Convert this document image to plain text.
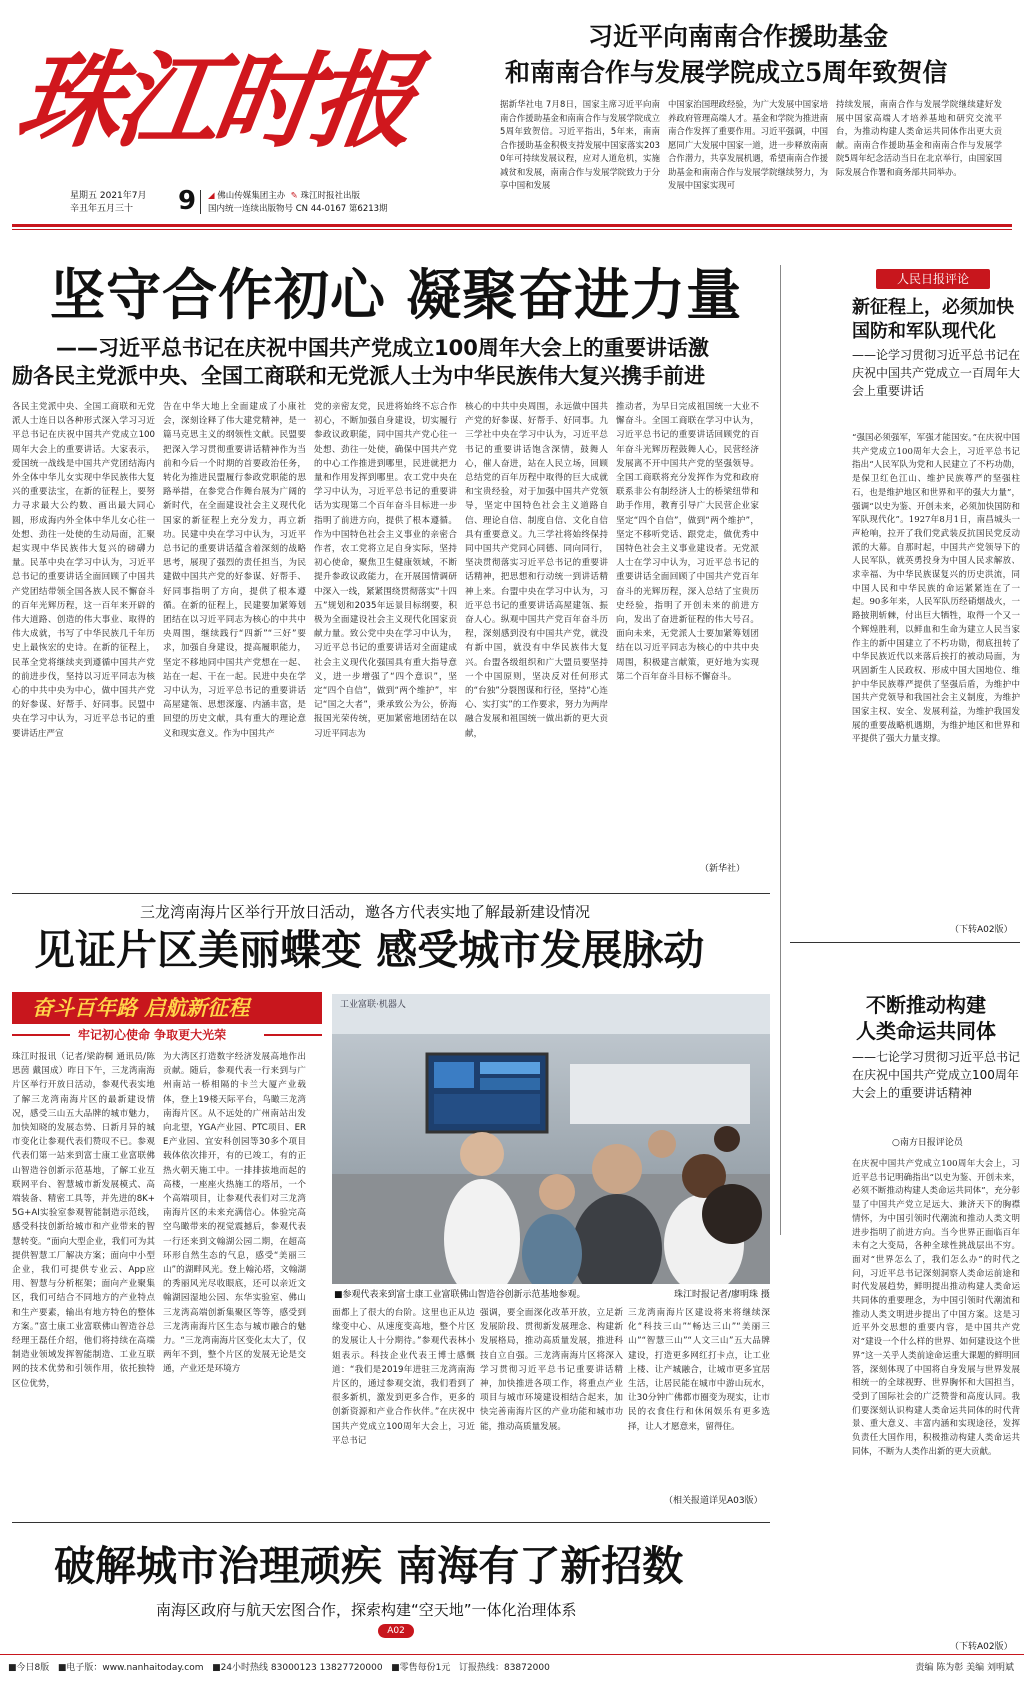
珠江时报
星期五 2021年7月
辛丑年五月三十	9 ◢ 佛山传媒集团主办 ✎ 珠江时报社出版
国内统一连续出版物号 CN 44-0167 第6213期
习近平向南南合作援助基金
和南南合作与发展学院成立5周年致贺信
据新华社电 7月8日，国家主席习近平向南南合作援助基金和南南合作与发展学院成立5周年致贺信。习近平指出，5年来，南南合作援助基金积极支持发展中国家落实2030年可持续发展议程，应对人道危机，实施减贫和发展，南南合作与发展学院致力于分享中国和发展
中国家治国理政经验，为广大发展中国家培养政府管理高端人才。基金和学院为推进南南合作发挥了重要作用。习近平强调，中国愿同广大发展中国家一道，进一步释放南南合作潜力，共享发展机遇，希望南南合作援助基金和南南合作与发展学院继续努力，为发展中国家实现可
持续发展，南南合作与发展学院继续建好发展中国家高端人才培养基地和研究交流平台，为推动构建人类命运共同体作出更大贡献。南南合作援助基金和南南合作与发展学院5周年纪念活动当日在北京举行，由国家国际发展合作署和商务部共同举办。
坚守合作初心 凝聚奋进力量
——习近平总书记在庆祝中国共产党成立100周年大会上的重要讲话激
励各民主党派中央、全国工商联和无党派人士为中华民族伟大复兴携手前进
各民主党派中央、全国工商联和无党派人士连日以各种形式深入学习习近平总书记在庆祝中国共产党成立100周年大会上的重要讲话。大家表示，爱国统一战线是中国共产党团结海内外全体中华儿女实现中华民族伟大复兴的重要法宝，在新的征程上，要努力寻求最大公约数、画出最大同心圆，形成海内外全体中华儿女心往一处想、劲往一处使的生动局面，汇聚起实现中华民族伟大复兴的磅礴力量。民革中央在学习中认为，习近平总书记的重要讲话全面回顾了中国共产党团结带领全国各族人民不懈奋斗的百年光辉历程，这一百年来开辟的伟大道路、创造的伟大事业、取得的伟大成就，书写了中华民族几千年历史上最恢宏的史诗。在新的征程上，民革全党将继续夹到遵循中国共产党的前进步伐，坚持以习近平同志为核心的中共中央为中心，做中国共产党的好参谋、好帮手、好同事。民盟中央在学习中认为，习近平总书记的重要讲话庄严宣
告在中华大地上全面建成了小康社会，深刻诠释了伟大建党精神，是一篇马克思主义的纲领性文献。民盟要把深入学习贯彻重要讲话精神作为当前和今后一个时期的首要政治任务，转化为推进民盟履行参政党职能的思路举措，在参党合作舞台展为广阔的新时代，在全面建设社会主义现代化国家的新征程上充分发力，再立新功。民建中央在学习中认为，习近平总书记的重要讲话蕴含着深刻的战略思考，展现了强烈的责任担当，为民建做中国共产党的好参谋、好帮手、好同事指明了方向，提供了根本遵循。在新的征程上，民建要加紧筹划团结在以习近平同志为核心的中共中央周围，继续践行“四新”“三好”要求，加强自身建设，提高履职能力，坚定不移地同中国共产党想在一起、站在一起、干在一起。民进中央在学习中认为，习近平总书记的重要讲话高屋建瓴、思想深邃、内涵丰富，是回望的历史文献，具有重大的理论意义和现实意义。作为中国共产
党的亲密友党，民进将始终不忘合作初心，不断加强自身建设，切实履行参政议政职能，同中国共产党心往一处想、劲往一处使，确保中国共产党的中心工作推进到哪里，民进就把力量和作用发挥到哪里。农工党中央在学习中认为，习近平总书记的重要讲话为实现第二个百年奋斗目标进一步指明了前进方向，提供了根本遵循。作为中国特色社会主义事业的亲密合作者，农工党将立足自身实际，坚持初心使命，聚焦卫生健康领域，不断提升参政议政能力，在开展国情调研中深入一线，紧紧围绕贯彻落实“十四五”规划和2035年远景目标纲要，积极为全面建设社会主义现代化国家贡献力量。致公党中央在学习中认为，习近平总书记的重要讲话对全面建成社会主义现代化强国具有重大指导意义，进一步增强了“四个意识”，坚定“四个自信”，做到“两个维护”，牢记“国之大者”，秉承致公为公，侨海报国光荣传统，更加紧密地团结在以习近平同志为
核心的中共中央周围，永远做中国共产党的好参谋、好帮手、好同事。九三学社中央在学习中认为，习近平总书记的重要讲话饱含深情，鼓舞人心，催人奋进，站在人民立场，回顾总结党的百年历程中取得的巨大成就和宝贵经验，对于加强中国共产党领导，坚定中国特色社会主义道路自信、理论自信、制度自信、文化自信具有重要意义。九三学社将始终保持同中国共产党同心同德、同向同行，坚决贯彻落实习近平总书记的重要讲话精神，把思想和行动统一到讲话精神上来。台盟中央在学习中认为，习近平总书记的重要讲话高屋建瓴、振奋人心。纵观中国共产党百年奋斗历程，深刻感到没有中国共产党，就没有新中国，就没有中华民族伟大复兴。台盟各级组织和广大盟员要坚持一个中国原则，坚决反对任何形式的“台独”分裂图谋和行径，坚持“心连心、实打实”的工作要求，努力为两岸融合发展和祖国统一做出新的更大贡献，
推动者，为早日完成祖国统一大业不懈奋斗。全国工商联在学习中认为，习近平总书记的重要讲话回顾党的百年奋斗光辉历程鼓舞人心，民营经济发展离不开中国共产党的坚强领导。全国工商联将充分发挥作为党和政府联系非公有制经济人士的桥梁纽带和助手作用，教育引导广大民营企业家坚定“四个自信”，做到“两个维护”，坚定不移听党话、跟党走，做优秀中国特色社会主义事业建设者。无党派人士在学习中认为，习近平总书记的重要讲话全面回顾了中国共产党百年奋斗的光辉历程，深入总结了宝贵历史经验，指明了开创未来的前进方向，发出了奋进新征程的伟大号召。面向未来，无党派人士要加紧筹划团结在以习近平同志为核心的中共中央周围，积极建言献策，更好地为实现第二个百年奋斗目标不懈奋斗。
（新华社）
人民日报评论
新征程上，必须加快
国防和军队现代化
——论学习贯彻习近平总书记在庆祝中国共产党成立一百周年大会上重要讲话
“强国必须强军，军强才能国安。”在庆祝中国共产党成立100周年大会上，习近平总书记指出“人民军队为党和人民建立了不朽功勋，是保卫红色江山、维护民族尊严的坚强柱石，也是维护地区和世界和平的强大力量”，强调“以史为鉴、开创未来，必须加快国防和军队现代化”。1927年8月1日，南昌城头一声枪响，拉开了我们党武装反抗国民党反动派的大幕。自那时起，中国共产党领导下的人民军队，就英勇投身为中国人民求解放、求幸福、为中华民族谋复兴的历史洪流，同中国人民和中华民族的命运紧紧连在了一起。90多年来，人民军队历经硝烟战火，一路披荆斩棘，付出巨大牺牲，取得一个又一个辉煌胜利，以鲜血和生命为建立人民当家作主的新中国建立了不朽功勋，彻底扭转了中华民族近代以来落后挨打的被动局面，为巩固新生人民政权、形成中国大国地位、维护中华民族尊严提供了坚强后盾，为维护中国共产党领导和我国社会主义制度，为维护国家主权、安全、发展利益，为维护我国发展的重要战略机遇期，为维护地区和世界和平提供了强大力量支撑。
（下转A02版）
不断推动构建
人类命运共同体
——七论学习贯彻习近平总书记在庆祝中国共产党成立100周年大会上的重要讲话精神
○南方日报评论员
在庆祝中国共产党成立100周年大会上，习近平总书记明确指出“以史为鉴、开创未来，必须不断推动构建人类命运共同体”，充分彰显了中国共产党立足远大、兼济天下的胸襟情怀，为中国引领时代潮流和推动人类文明进步指明了前进方向。当今世界正面临百年未有之大变局，各种全球性挑战层出不穷。面对“世界怎么了，我们怎么办”的时代之问，习近平总书记深刻洞察人类命运前途和时代发展趋势，鲜明提出推动构建人类命运共同体的重要理念，为中国引领时代潮流和推动人类文明进步提出了中国方案。这是习近平外交思想的重要内容，是中国共产党对“建设一个什么样的世界、如何建设这个世界”这一关乎人类前途命运重大课题的鲜明回答，深刻体现了中国将自身发展与世界发展相统一的全球视野、世界胸怀和大国担当，受到了国际社会的广泛赞誉和高度认同。我们要深刻认识构建人类命运共同体的时代背景、重大意义、丰富内涵和实现途径，发挥负责任大国作用，积极推动构建人类命运共同体，不断为人类作出新的更大贡献。
（下转A02版）
三龙湾南海片区举行开放日活动，邀各方代表实地了解最新建设情况
见证片区美丽蝶变 感受城市发展脉动
奋斗百年路 启航新征程
牢记初心使命 争取更大光荣
珠江时报讯（记者/梁韵桐 通讯员/陈思茵 戴国成）昨日下午，三龙湾南海片区举行开放日活动，参观代表实地了解三龙湾南海片区的最新建设情况，感受三山五大品牌的城市魅力，加快知晓的发展态势、日新月异的城市变化让参观代表们赞叹不已。参观代表们第一站来到富士康工业富联佛山智造谷创新示范基地，了解工业互联网平台、智慧城市新发展模式、高端装备、精密工具等，并先进的8K+5G+AI实验室参观智能制造示范线，感受科技创新给城市和产业带来的智慧转变。“面向大型企业，我们可为其提供智慧工厂解决方案；面向中小型企业，我们可提供专业云、App应用、智慧与分析框架；面向产业聚集区，我们可结合不同地方的产业特点和生产要素，输出有地方特色的整体方案。”富士康工业富联佛山智造谷总经理王磊任介绍，他们将持续在高端制造业领域发挥智能制造、工业互联网的技术优势和引领作用，依托独特区位优势，
为大湾区打造数字经济发展高地作出贡献。随后，参观代表一行来到与广州南站一桥相隔的卡兰大厦产业载体，登上19楼天际平台，鸟瞰三龙湾南海片区。从不远处的广州南站出发向北望，YGA产业园、PTC项目、ERE产业园、宜安科创园等30多个项目载体依次排开，有的已竣工，有的正热火朝天施工中。一排排拔地而起的高楼，一座座火热施工的塔吊，一个个高端项目，让参观代表们对三龙湾南海片区的未来充满信心。体验完高空鸟瞰带来的视觉震撼后，参观代表一行还来到文翰湖公园二期，在超高环形自然生态的气息，感受“美丽三山”的湖畔风光。登上翰沁塔，文翰湖的秀丽风光尽收眼底，还可以亲近文翰湖园湿地公园、东华实验室、佛山三龙湾高端创新集聚区等等，感受到三龙湾南海片区生态与城市融合的魅力。“三龙湾南海片区变化太大了，仅两年不到，整个片区的发展无论是交通，产业还是环境方
工业富联·机器人
■参观代表来到富士康工业富联佛山智造谷创新示范基地参观。	珠江时报记者/廖明珠 摄
面都上了很大的台阶。这里也正从边缘变中心、从速度变高地，整个片区的发展让人十分期待。”参观代表林小姐表示。科技企业代表王博士感慨道：“我们是2019年进驻三龙湾南海片区的，通过参观交流，我们看到了很多新机，激发到更多合作，更多的创新资源和产业合作伙伴。”在庆祝中国共产党成立100周年大会上，习近平总书记
强调，要全面深化改革开放，立足新发展阶段、贯彻新发展理念、构建新发展格局，推动高质量发展，推进科技自立自强。三龙湾南海片区将深入学习贯彻习近平总书记重要讲话精神，加快推进各项工作，将重点产业项目与城市环境建设相结合起来，加快完善南海片区的产业功能和城市功能，推动高质量发展。
三龙湾南海片区建设将来将继续深化“科技三山”“畅达三山”“美丽三山”“智慧三山”“人文三山”五大品牌建设，打造更多网红打卡点，让工业上楼、让产城融合，让城市更多宜居生活，让居民能在城市中游山玩水，让30分钟广佛都市圈变为现实，让市民的衣食住行和休闲娱乐有更多选择，让人才愿意来，留得住。
（相关报道详见A03版）
破解城市治理顽疾 南海有了新招数
南海区政府与航天宏图合作，探索构建“空天地”一体化治理体系
A02
■今日8版 ■电子版：www.nanhaitoday.com ■24小时热线 83000123 13827720000 ■零售每份1元 订报热线：83872000	责编 陈为彰 美编 刘明斌
